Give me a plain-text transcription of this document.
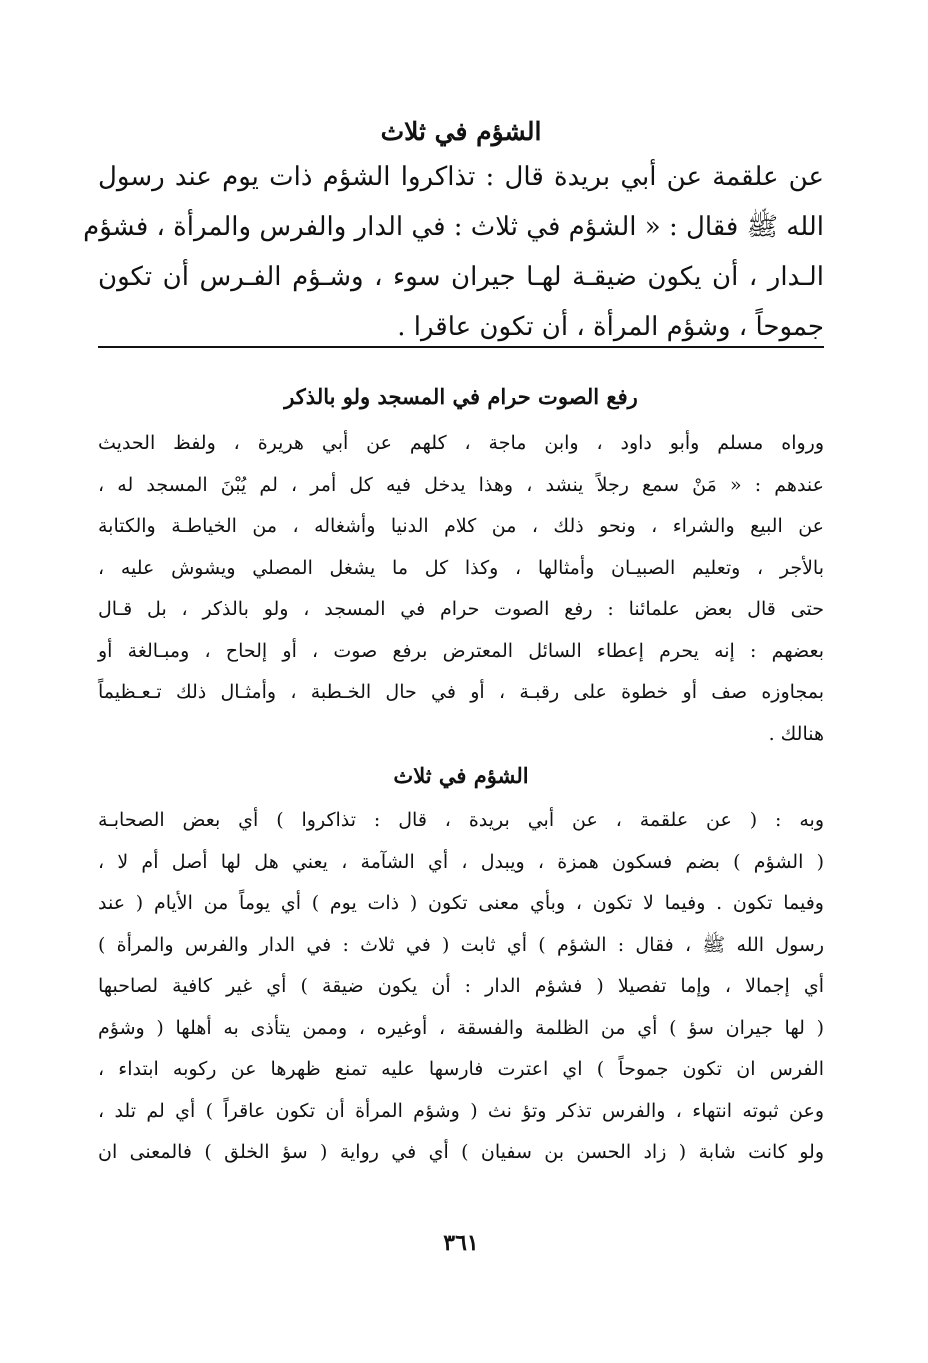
الشؤم في ثلاث
عن علقمة عن أبي بريدة قال : تذاكروا الشؤم ذات يوم عند رسول
الله ﷺ فقال : « الشؤم في ثلاث : في الدار والفرس والمرأة ، فشؤم
الـدار ، أن يكون ضيقـة لهـا جيران سوء ، وشـؤم الفـرس أن تكون
جموحاً ، وشؤم المرأة ، أن تكون عاقرا .
رفع الصوت حرام في المسجد ولو بالذكر
ورواه مسلم وأبو داود ، وابن ماجة ، كلهم عن أبي هريرة ، ولفظ الحديث
عندهم : « مَنْ سمع رجلاً ينشد ، وهذا يدخل فيه كل أمر ، لم يُبْنَ المسجد له ،
عن البيع والشراء ، ونحو ذلك ، من كلام الدنيا وأشغاله ، من الخياطـة والكتابة
بالأجر ، وتعليم الصبيـان وأمثالها ، وكذا كل ما يشغل المصلي ويشوش عليه ،
حتى قال بعض علمائنا : رفع الصوت حرام في المسجد ، ولو بالذكر ، بل قـال
بعضهم : إنه يحرم إعطاء السائل المعترض برفع صوت ، أو إلحاح ، ومبـالغة أو
بمجاوزه صف أو خطوة على رقبـة ، أو في حال الخـطبة ، وأمثـال ذلك تـعـظيماً
هنالك .
الشؤم في ثلاث
وبه : ( عن علقمة ، عن أبي بريدة ، قال : تذاكروا ) أي بعض الصحابـة
( الشؤم ) بضم فسكون همزة ، ويبدل ، أي الشآمة ، يعني هل لها أصل أم لا ،
وفيما تكون . وفيما لا تكون ، وبأي معنى تكون ( ذات يوم ) أي يوماً من الأيام ( عند
رسول الله ﷺ ، فقال : الشؤم ) أي ثابت ( في ثلاث : في الدار والفرس والمرأة )
أي إجمالا ، وإما تفصيلا ( فشؤم الدار : أن يكون ضيقة ) أي غير كافية لصاحبها
( لها جيران سؤ ) أي من الظلمة والفسقة ، أوغيره ، وممن يتأذى به أهلها ( وشؤم
الفرس ان تكون جموحاً ) اي اعترت فارسها عليه تمنع ظهرها عن ركوبه ابتداء ،
وعن ثبوته انتهاء ، والفرس تذكر وتؤ نث ( وشؤم المرأة أن تكون عاقراً ) أي لم تلد ،
ولو كانت شابة ( زاد الحسن بن سفيان ) أي في رواية ( سؤ الخلق ) فالمعنى ان
٣٦١
